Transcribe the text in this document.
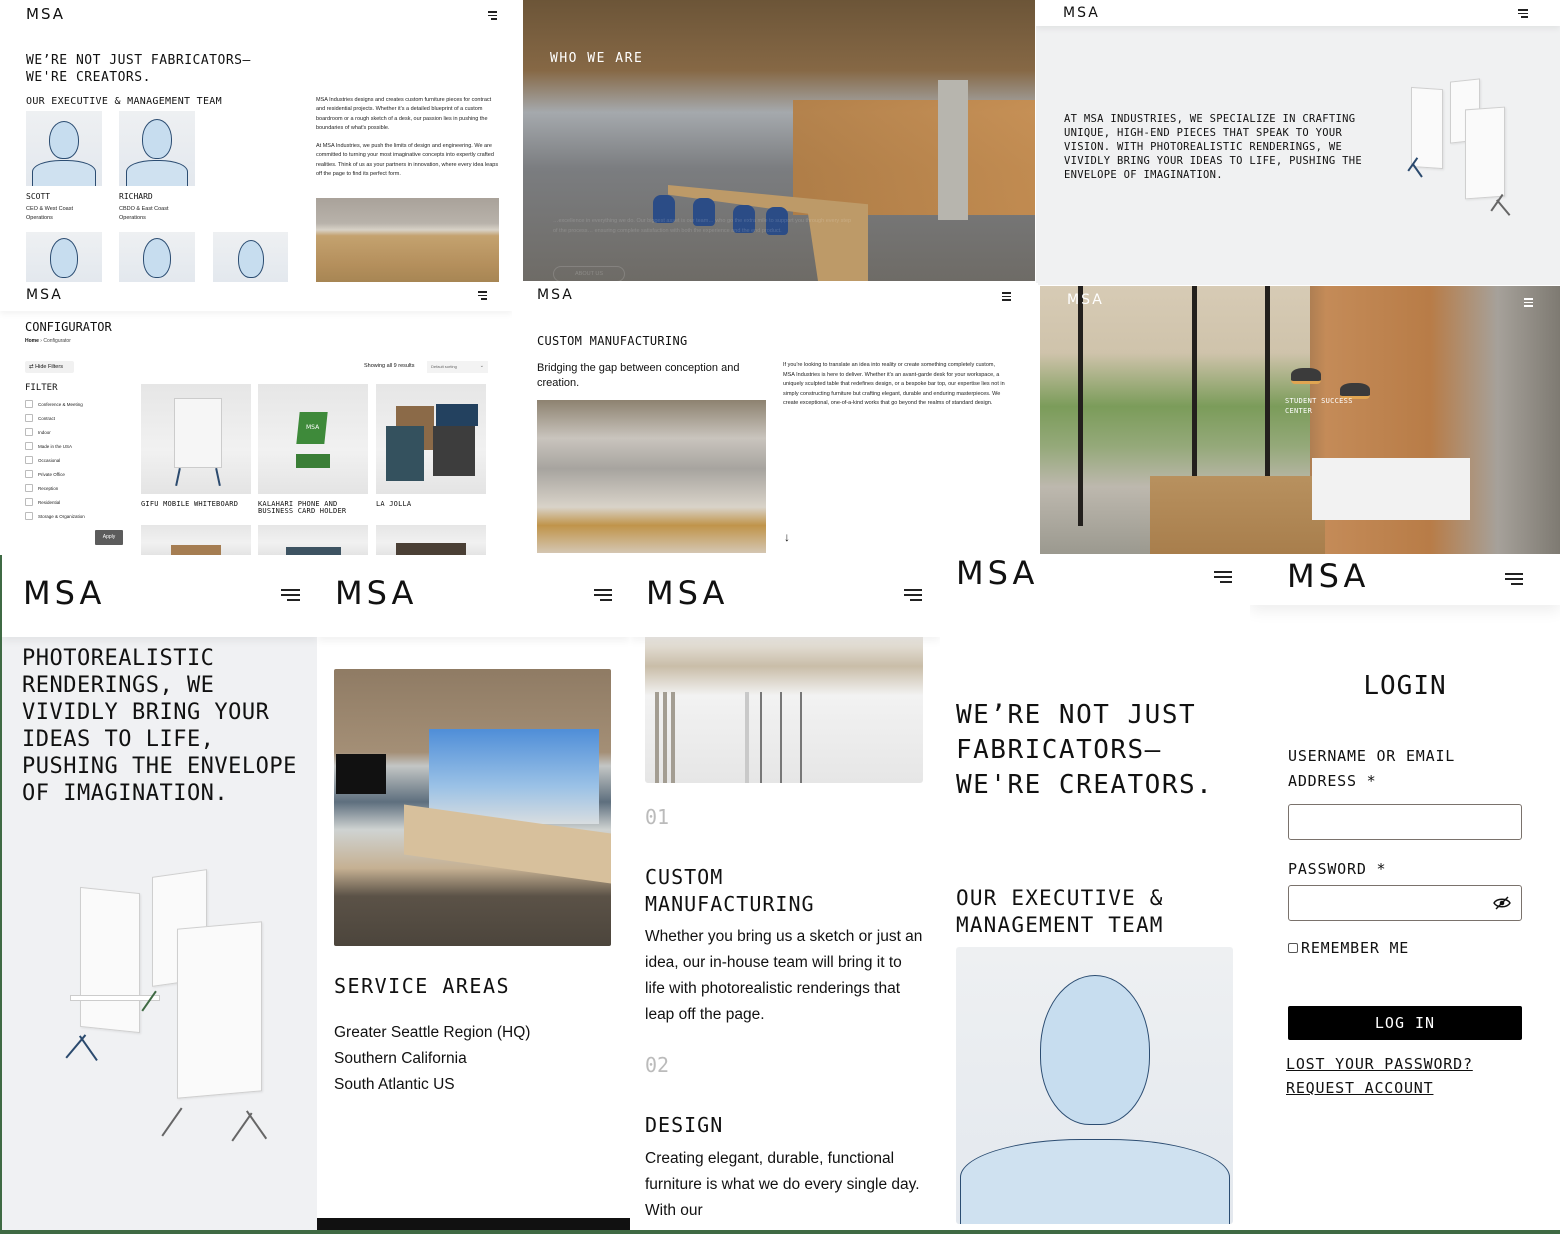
MSA
WE’RE NOT JUST FABRICATORS—WE'RE CREATORS.
OUR EXECUTIVE & MANAGEMENT TEAM
SCOTT
CEO & West Coast Operations
RICHARD
CBDO & East Coast Operations

MSA Industries designs and creates custom furniture pieces for contract and residential projects. Whether it's a detailed blueprint of a custom boardroom or a rough sketch of a desk, our passion lies in pushing the boundaries of what's possible.

At MSA Industries, we push the limits of design and engineering. We are committed to turning your most imaginative concepts into expertly crafted realities. Think of us as your partners in innovation, where every idea leaps off the page to find its perfect form.

WHO WE ARE
…excellence in everything we do. Our biggest asset is our team… who go the extra mile to support you through every step of the process… ensuring complete satisfaction with both the experience and the end product.
ABOUT US
MSA

AT MSA INDUSTRIES, WE SPECIALIZE IN CRAFTING UNIQUE, HIGH-END PIECES THAT SPEAK TO YOUR VISION. WITH PHOTOREALISTIC RENDERINGS, WE VIVIDLY BRING YOUR IDEAS TO LIFE, PUSHING THE ENVELOPE OF IMAGINATION.

MSA
CONFIGURATOR
Home › Configurator
⇄ Hide Filters	Showing all 9 results	Default sorting ⌄
FILTER
Conference & Meeting
Contract
Indoor
Made in the USA
Occasional
Private Office
Reception
Residential
Storage & Organization
Apply
GIFU MOBILE WHITEBOARD
MSA
KALAHARI PHONE AND BUSINESS CARD HOLDER
LA JOLLA
MSA
CUSTOM MANUFACTURING
Bridging the gap between conception and creation.
If you're looking to translate an idea into reality or create something completely custom, MSA Industries is here to deliver. Whether it's an avant-garde desk for your workspace, a uniquely sculpted table that redefines design, or a bespoke bar top, our expertise lies not in simply constructing furniture but crafting elegant, durable and enduring masterpieces. We create exceptional, one-of-a-kind works that go beyond the realms of standard design.
↓
STUDENT SUCCESS
CENTER
MSA
MSA

PHOTOREALISTIC RENDERINGS, WE VIVIDLY BRING YOUR IDEAS TO LIFE, PUSHING THE ENVELOPE OF IMAGINATION.

MSA
SERVICE AREAS
Greater Seattle Region (HQ)
Southern California
South Atlantic US
MSA
01
CUSTOM MANUFACTURING
Whether you bring us a sketch or just an idea, our in-house team will bring it to life with photorealistic renderings that leap off the page.
02
DESIGN
Creating elegant, durable, functional furniture is what we do every single day. With our
MSA
WE’RE NOT JUST FABRICATORS— WE'RE CREATORS.
OUR EXECUTIVE & MANAGEMENT TEAM
MSA
LOGIN
USERNAME OR EMAIL ADDRESS *
PASSWORD *
REMEMBER ME
LOG IN
LOST YOUR PASSWORD?
REQUEST ACCOUNT
